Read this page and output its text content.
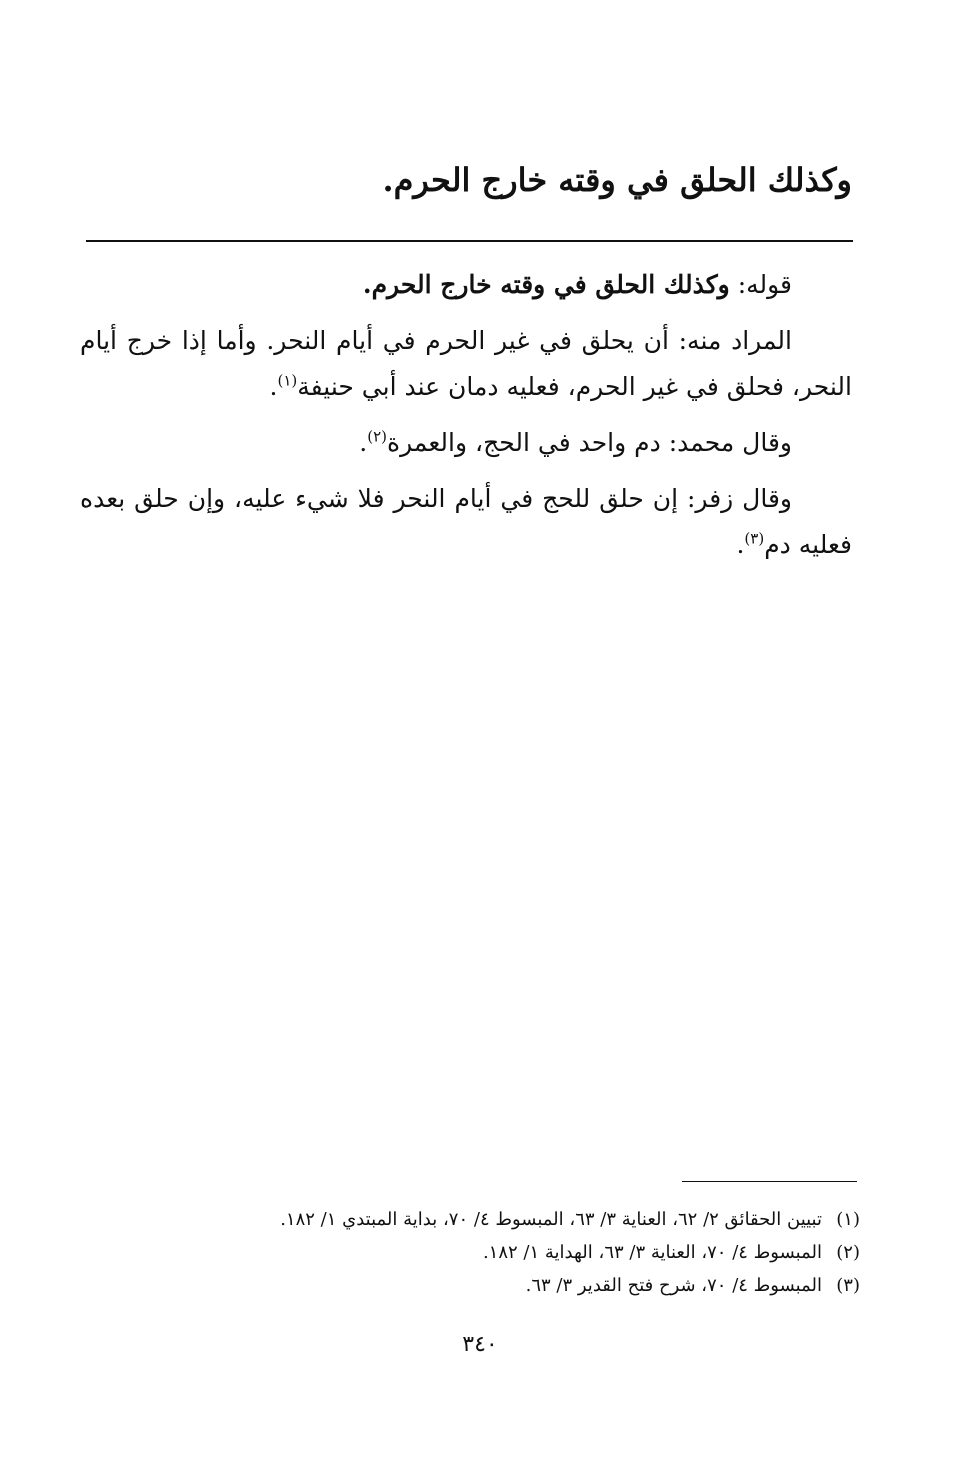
وكذلك الحلق في وقته خارج الحرم.

قوله: وكذلك الحلق في وقته خارج الحرم.

المراد منه: أن يحلق في غير الحرم في أيام النحر. وأما إذا خرج أيام النحر، فحلق في غير الحرم، فعليه دمان عند أبي حنيفة$^{(١)}$.

وقال محمد: دم واحد في الحج، والعمرة$^{(٢)}$.

وقال زفر: إن حلق للحج في أيام النحر فلا شيء عليه، وإن حلق بعده فعليه دم$^{(٣)}$.

(١)تبيين الحقائق ٢/ ٦٢، العناية ٣/ ٦٣، المبسوط ٤/ ٧٠، بداية المبتدي ١/ ١٨٢.
(٢)المبسوط ٤/ ٧٠، العناية ٣/ ٦٣، الهداية ١/ ١٨٢.
(٣)المبسوط ٤/ ٧٠، شرح فتح القدير ٣/ ٦٣.
٣٤٠
